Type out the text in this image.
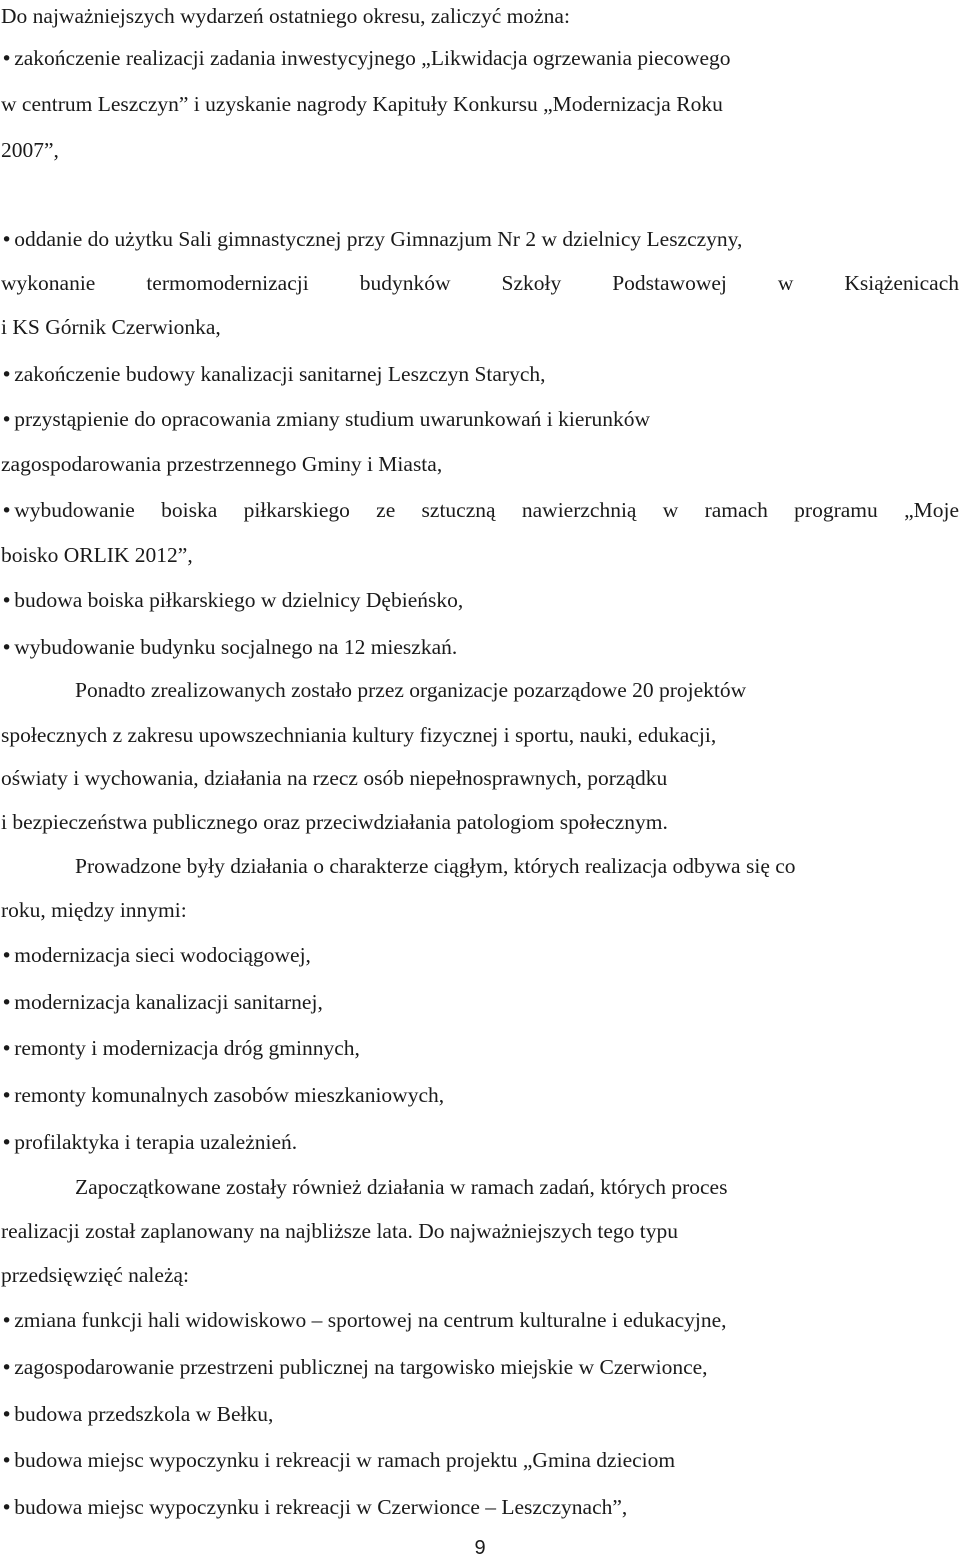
Do najważniejszych wydarzeń ostatniego okresu, zaliczyć można:
• zakończenie realizacji zadania inwestycyjnego „Likwidacja ogrzewania piecowego
w centrum Leszczyn” i uzyskanie nagrody Kapituły Konkursu „Modernizacja Roku
2007”,
• oddanie do użytku Sali gimnastycznej przy Gimnazjum Nr 2 w dzielnicy Leszczyny,
wykonanie termomodernizacji budynków Szkoły Podstawowej w Książenicach
i KS Górnik Czerwionka,
• zakończenie budowy kanalizacji sanitarnej Leszczyn Starych,
• przystąpienie do opracowania zmiany studium uwarunkowań i kierunków
zagospodarowania przestrzennego Gminy i Miasta,
• wybudowanie boiska piłkarskiego ze sztuczną nawierzchnią w ramach programu „Moje
boisko ORLIK 2012”,
• budowa boiska piłkarskiego w dzielnicy Dębieńsko,
• wybudowanie budynku socjalnego na 12 mieszkań.
Ponadto zrealizowanych zostało przez organizacje pozarządowe 20 projektów
społecznych z zakresu upowszechniania kultury fizycznej i sportu, nauki, edukacji,
oświaty i wychowania, działania na rzecz osób niepełnosprawnych, porządku
i bezpieczeństwa publicznego oraz przeciwdziałania patologiom społecznym.
Prowadzone były działania o charakterze ciągłym, których realizacja odbywa się co
roku, między innymi:
• modernizacja sieci wodociągowej,
• modernizacja kanalizacji sanitarnej,
• remonty i modernizacja dróg gminnych,
• remonty komunalnych zasobów mieszkaniowych,
• profilaktyka i terapia uzależnień.
Zapoczątkowane zostały również działania w ramach zadań, których proces
realizacji został zaplanowany na najbliższe lata. Do najważniejszych tego typu
przedsięwzięć należą:
• zmiana funkcji hali widowiskowo – sportowej na centrum kulturalne i edukacyjne,
• zagospodarowanie przestrzeni publicznej na targowisko miejskie w Czerwionce,
• budowa przedszkola w Bełku,
• budowa miejsc wypoczynku i rekreacji w ramach projektu „Gmina dzieciom
• budowa miejsc wypoczynku i rekreacji w Czerwionce – Leszczynach”,
9
